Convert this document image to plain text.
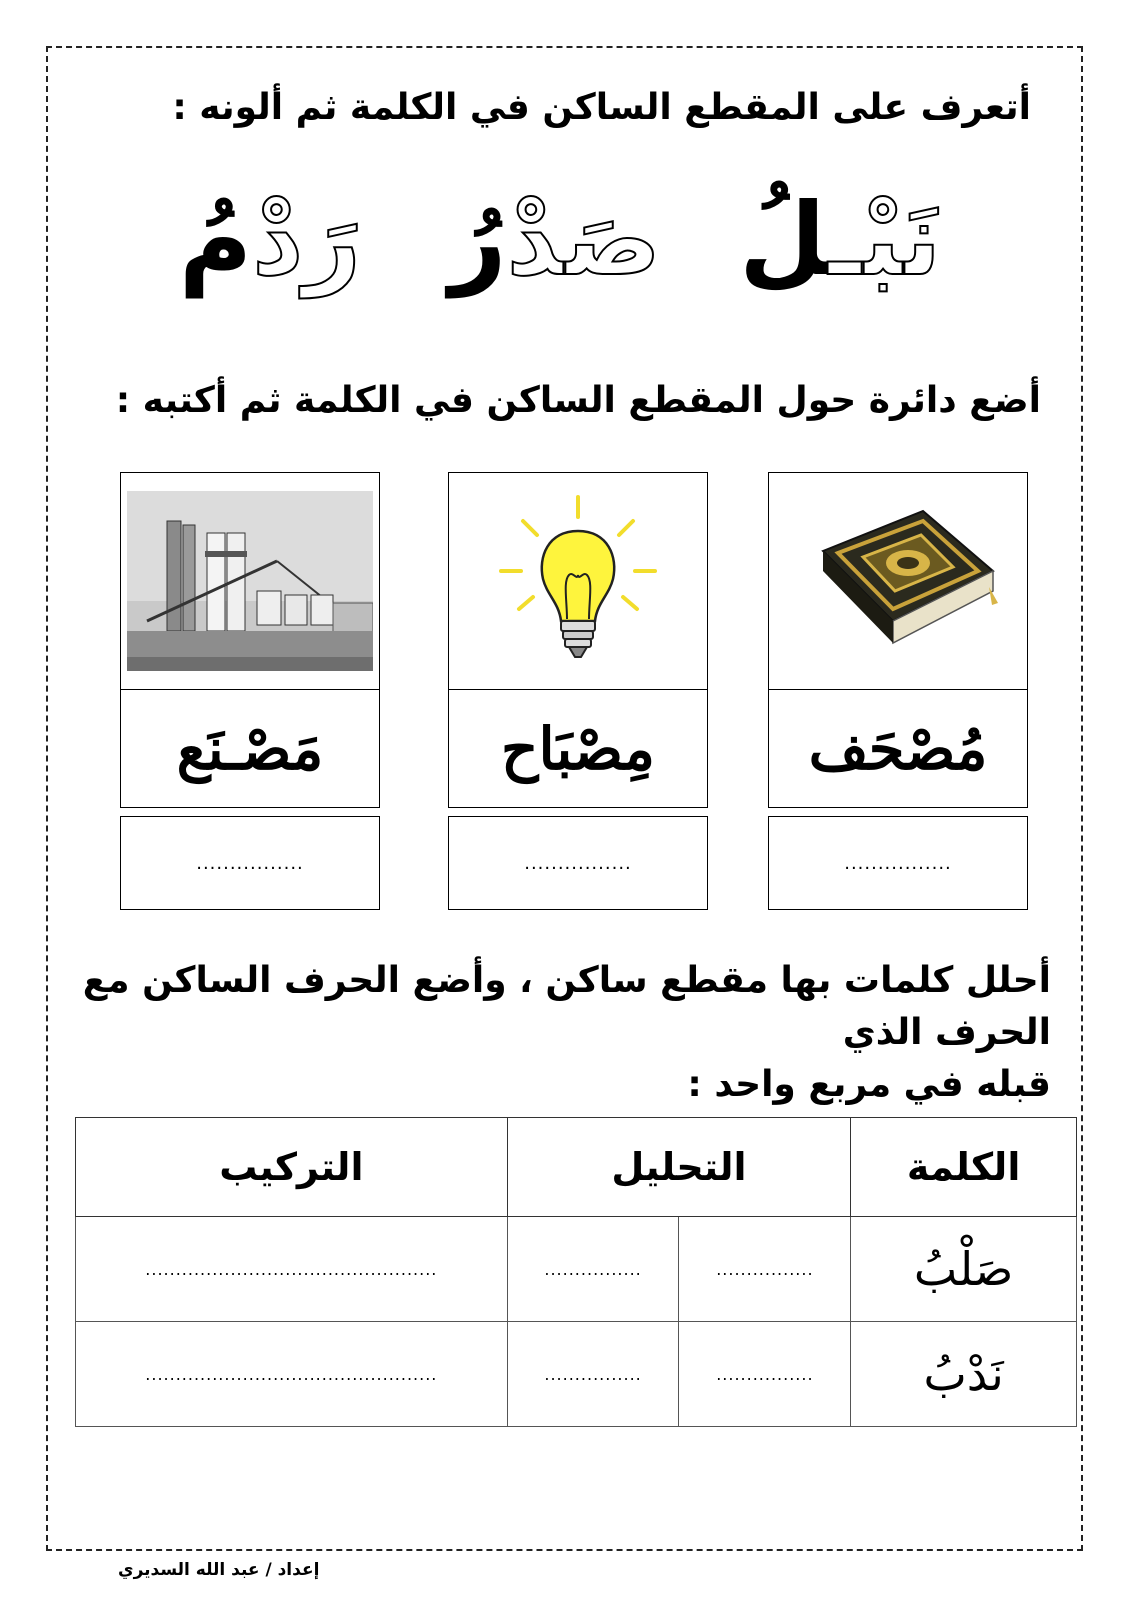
أتعرف على المقطع الساكن في الكلمة ثم ألونه :
نَبْـلُ
صَدْرُ
رَدْمُ
أضع دائرة حول المقطع الساكن في الكلمة ثم أكتبه :
مُصْحَف
................
مِصْبَاح
................
مَصْـنَع
................
أحلل كلمات بها مقطع ساكن ، وأضع الحرف الساكن مع الحرف الذي
قبله في مربع واحد :
الكلمة	التحليل		التركيب
صَلْبُ	................	................	................................................
نَدْبُ	................	................	................................................
إعداد / عبد الله السديري
